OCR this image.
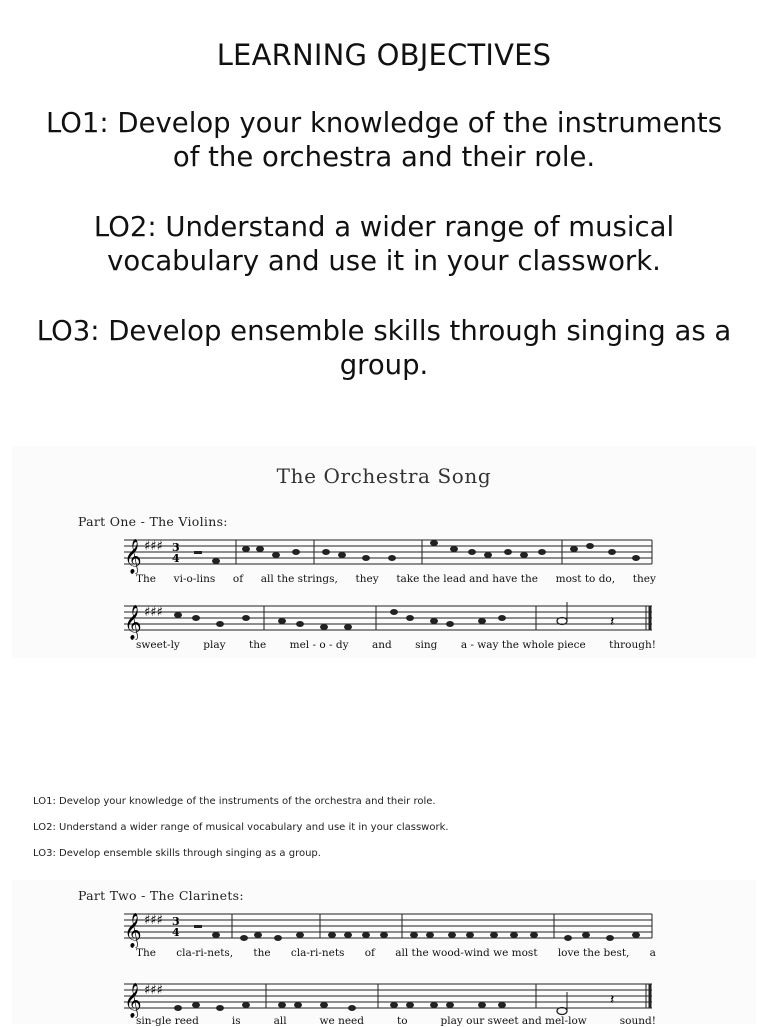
LEARNING OBJECTIVES
LO1: Develop your knowledge of the instruments of the orchestra and their role.
LO2: Understand a wider range of musical vocabulary and use it in your classwork.
LO3: Develop ensemble skills through singing as a group.
The Orchestra Song
Part One - The Violins:
𝄞 ♯♯♯ 3
4
The vi-o-lins of all the strings, they take the lead and have the most to do, they
𝄞 ♯♯♯
𝄽
sweet-ly play the mel - o - dy and sing a - way the whole piece through!
LO1: Develop your knowledge of the instruments of the orchestra and their role.
LO2: Understand a wider range of musical vocabulary and use it in your classwork.
LO3: Develop ensemble skills through singing as a group.
Part Two - The Clarinets:
𝄞 ♯♯♯ 3
4
The cla-ri-nets, the cla-ri-nets of all the wood-wind we most love the best, a
𝄞 ♯♯♯
𝄽
sin-gle reed	is	all	we need	to	play our sweet and mel-low	sound!
